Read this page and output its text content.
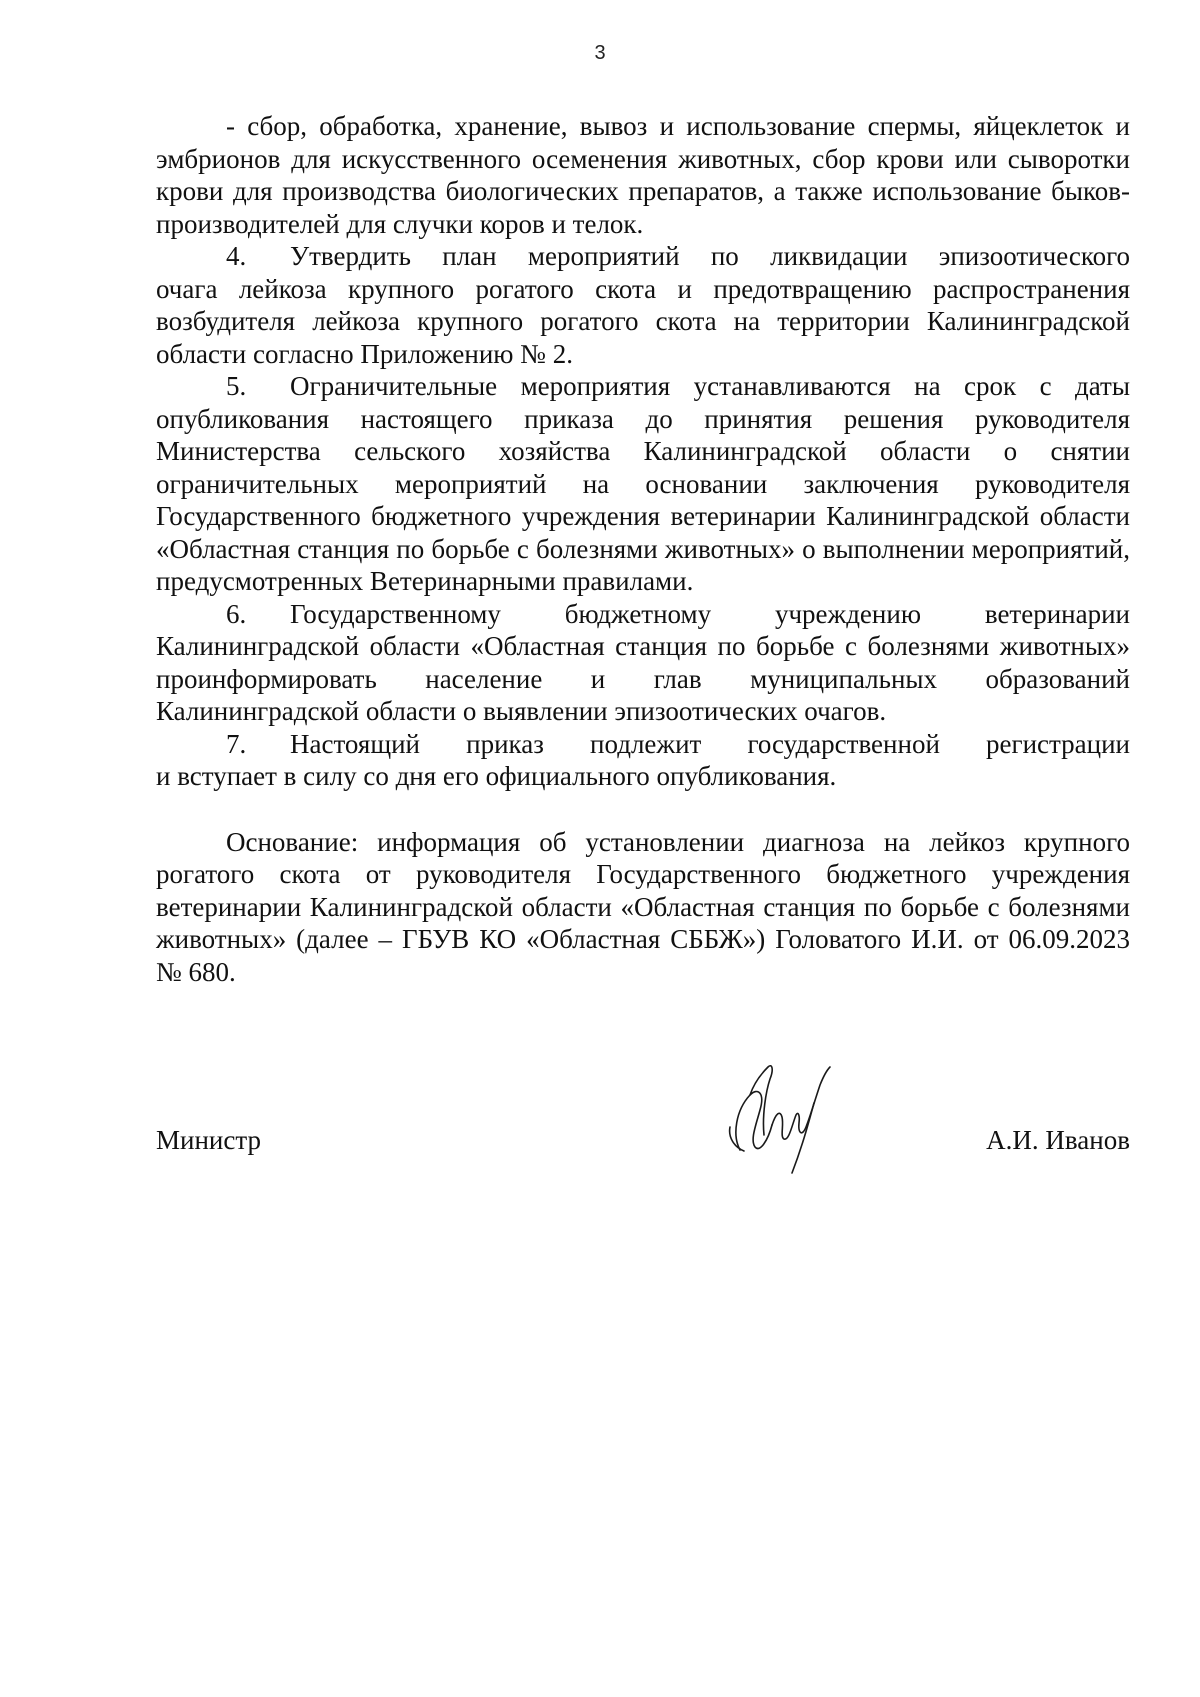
3

- сбор, обработка, хранение, вывоз и использование спермы, яйцеклеток и эмбрионов для искусственного осеменения животных, сбор крови или сыворотки крови для производства биологических препаратов, а также использование быков-производителей для случки коров и телок.

4.	Утвердить план мероприятий по ликвидации эпизоотического
очага лейкоза крупного рогатого скота и предотвращению распространения возбудителя лейкоза крупного рогатого скота на территории Калининградской области согласно Приложению № 2.
5.	Ограничительные мероприятия устанавливаются на срок с даты
опубликования настоящего приказа до принятия решения руководителя Министерства сельского хозяйства Калининградской области о снятии ограничительных мероприятий на основании заключения руководителя Государственного бюджетного учреждения ветеринарии Калининградской области «Областная станция по борьбе с болезнями животных» о выполнении мероприятий, предусмотренных Ветеринарными правилами.
6.	Государственному бюджетному учреждению ветеринарии
Калининградской области «Областная станция по борьбе с болезнями животных» проинформировать население и глав муниципальных образований Калининградской области о выявлении эпизоотических очагов.
7.	Настоящий приказ подлежит государственной регистрации
и вступает в силу со дня его официального опубликования.

Основание: информация об установлении диагноза на лейкоз крупного рогатого скота от руководителя Государственного бюджетного учреждения ветеринарии Калининградской области «Областная станция по борьбе с болезнями животных» (далее – ГБУВ КО «Областная СББЖ») Головатого И.И. от 06.09.2023 № 680.

Министр	А.И. Иванов
